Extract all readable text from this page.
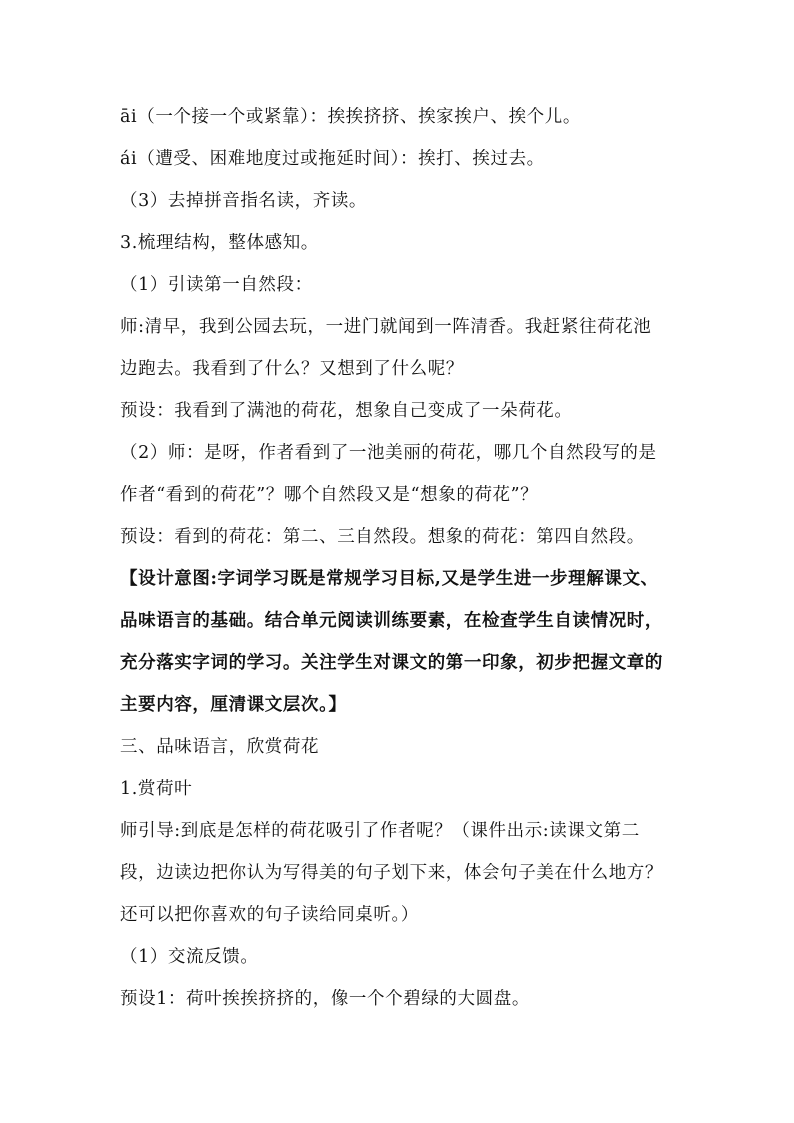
āi（一个接一个或紧靠）：挨挨挤挤、挨家挨户、挨个儿。
ái（遭受、困难地度过或拖延时间）：挨打、挨过去。
（3）去掉拼音指名读，齐读。
3.梳理结构，整体感知。
（1）引读第一自然段：
师:清早，我到公园去玩，一进门就闻到一阵清香。我赶紧往荷花池
边跑去。我看到了什么？又想到了什么呢？
预设：我看到了满池的荷花，想象自己变成了一朵荷花。
（2）师：是呀，作者看到了一池美丽的荷花，哪几个自然段写的是
作者“看到的荷花”？哪个自然段又是“想象的荷花”？
预设：看到的荷花：第二、三自然段。想象的荷花：第四自然段。
【设计意图:字词学习既是常规学习目标,又是学生进一步理解课文、
品味语言的基础。结合单元阅读训练要素，在检查学生自读情况时，
充分落实字词的学习。关注学生对课文的第一印象，初步把握文章的
主要内容，厘清课文层次。】
三、品味语言，欣赏荷花
1.赏荷叶
师引导:到底是怎样的荷花吸引了作者呢？（课件出示:读课文第二
段，边读边把你认为写得美的句子划下来，体会句子美在什么地方？
还可以把你喜欢的句子读给同桌听。）
（1）交流反馈。
预设1：荷叶挨挨挤挤的，像一个个碧绿的大圆盘。
